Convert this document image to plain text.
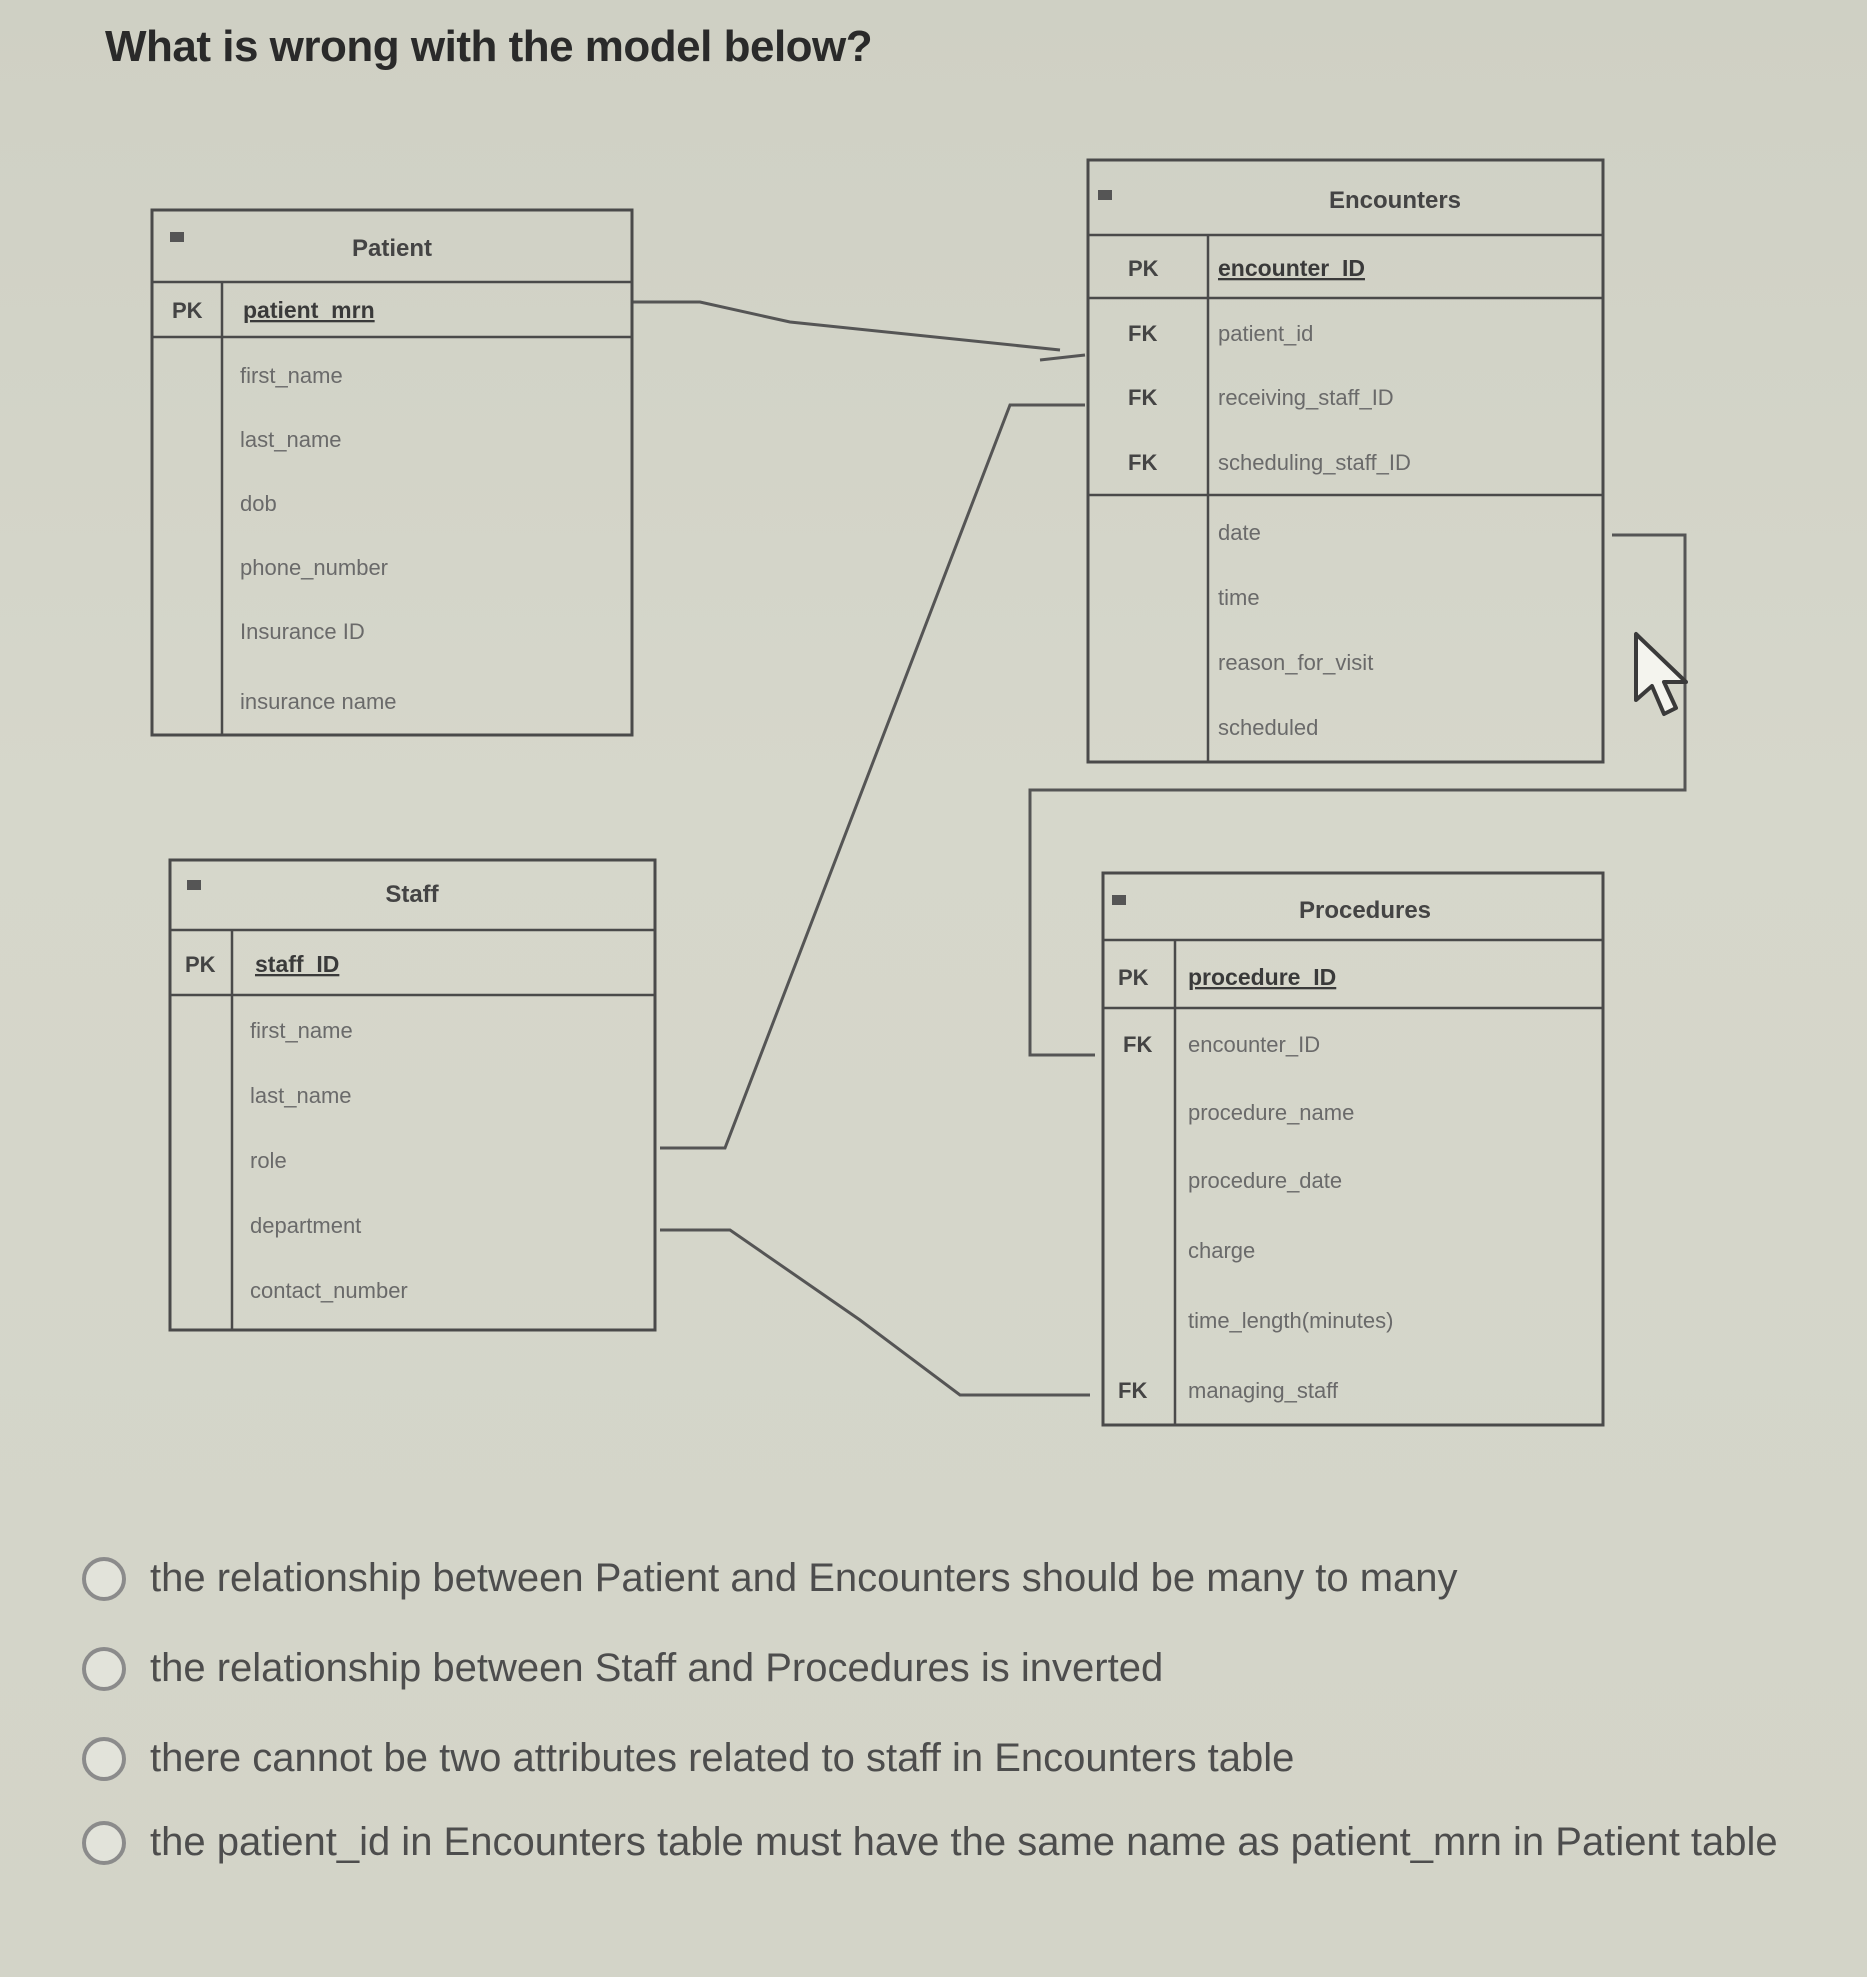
What is wrong with the model below?
Patient
PK patient_mrn
first_name
last_name
dob
phone_number
Insurance ID
insurance name
Encounters
PK	encounter_ID
FK	patient_id
FK	receiving_staff_ID
FK	scheduling_staff_ID
date
time
reason_for_visit
scheduled
Staff
PK staff_ID
first_name
last_name
role
department
contact_number
Procedures
PK procedure_ID
FK encounter_ID
procedure_name
procedure_date
charge
time_length(minutes)
FK managing_staff
the relationship between Patient and Encounters should be many to many
the relationship between Staff and Procedures is inverted
there cannot be two attributes related to staff in Encounters table
the patient_id in Encounters table must have the same name as patient_mrn in Patient table
